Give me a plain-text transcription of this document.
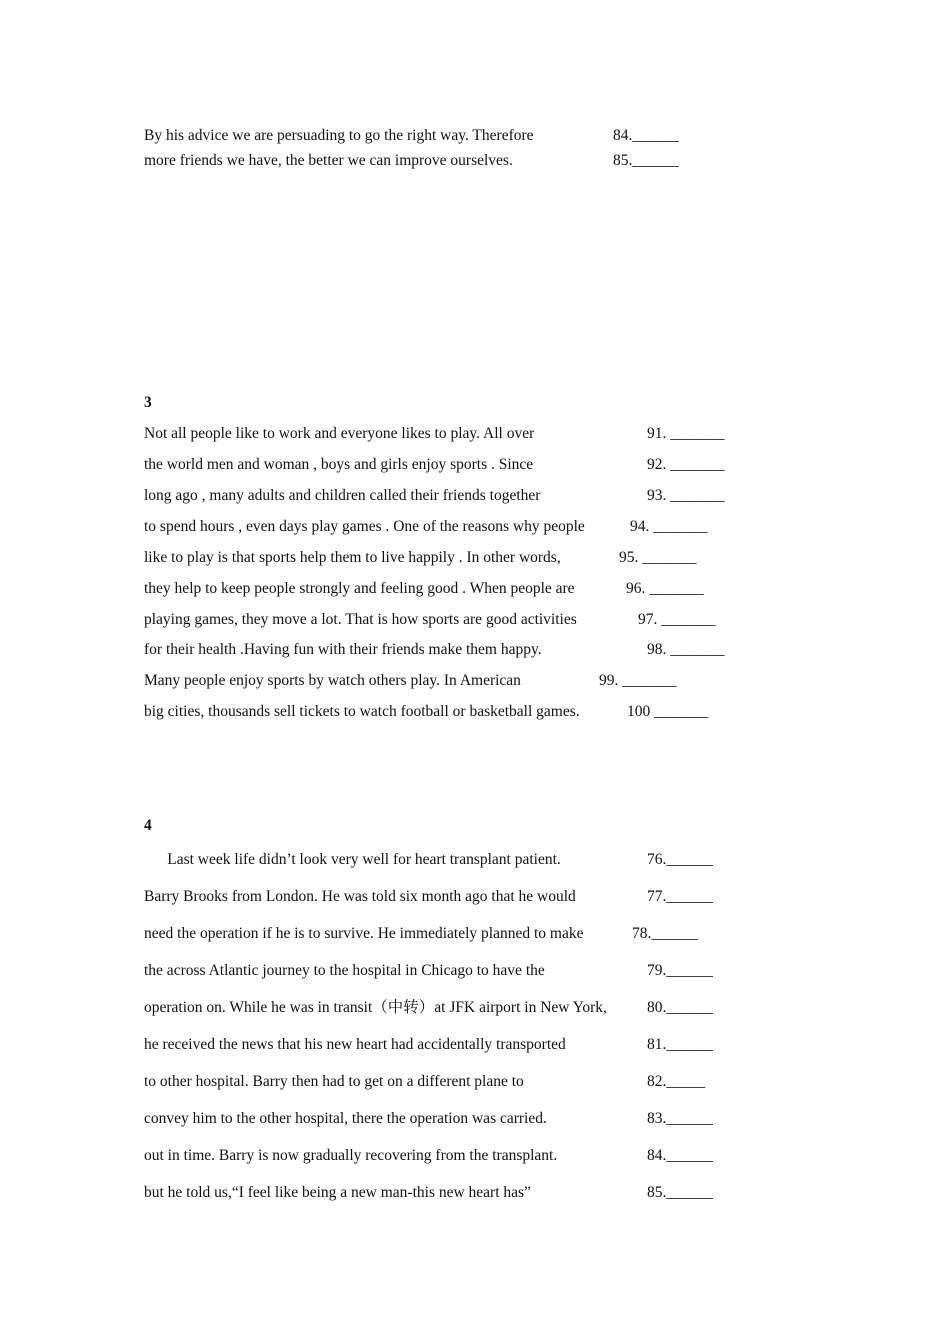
By his advice we are persuading to go the right way. Therefore	84.______
more friends we have, the better we can improve ourselves.	85.______
3
Not all people like to work and everyone likes to play. All over	91. _______
the world men and woman , boys and girls enjoy sports . Since	92. _______
long ago , many adults and children called their friends together	93. _______
to spend hours , even days play games . One of the reasons why people	94. _______
like to play is that sports help them to live happily . In other words,	95. _______
they help to keep people strongly and feeling good . When people are	96. _______
playing games, they move a lot. That is how sports are good activities	97. _______
for their health .Having fun with their friends make them happy.	98. _______
Many people enjoy sports by watch others play. In American	99. _______
big cities, thousands sell tickets to watch football or basketball games.	100 _______
4
Last week life didn’t look very well for heart transplant patient.	76.______
Barry Brooks from London. He was told six month ago that he would	77.______
need the operation if he is to survive. He immediately planned to make	78.______
the across Atlantic journey to the hospital in Chicago to have the	79.______
operation on. While he was in transit（中转）at JFK airport in New York,	80.______
he received the news that his new heart had accidentally transported	81.______
to other hospital. Barry then had to get on a different plane to	82._____
convey him to the other hospital, there the operation was carried.	83.______
out in time. Barry is now gradually recovering from the transplant.	84.______
but he told us,“I feel like being a new man-this new heart has”	85.______
